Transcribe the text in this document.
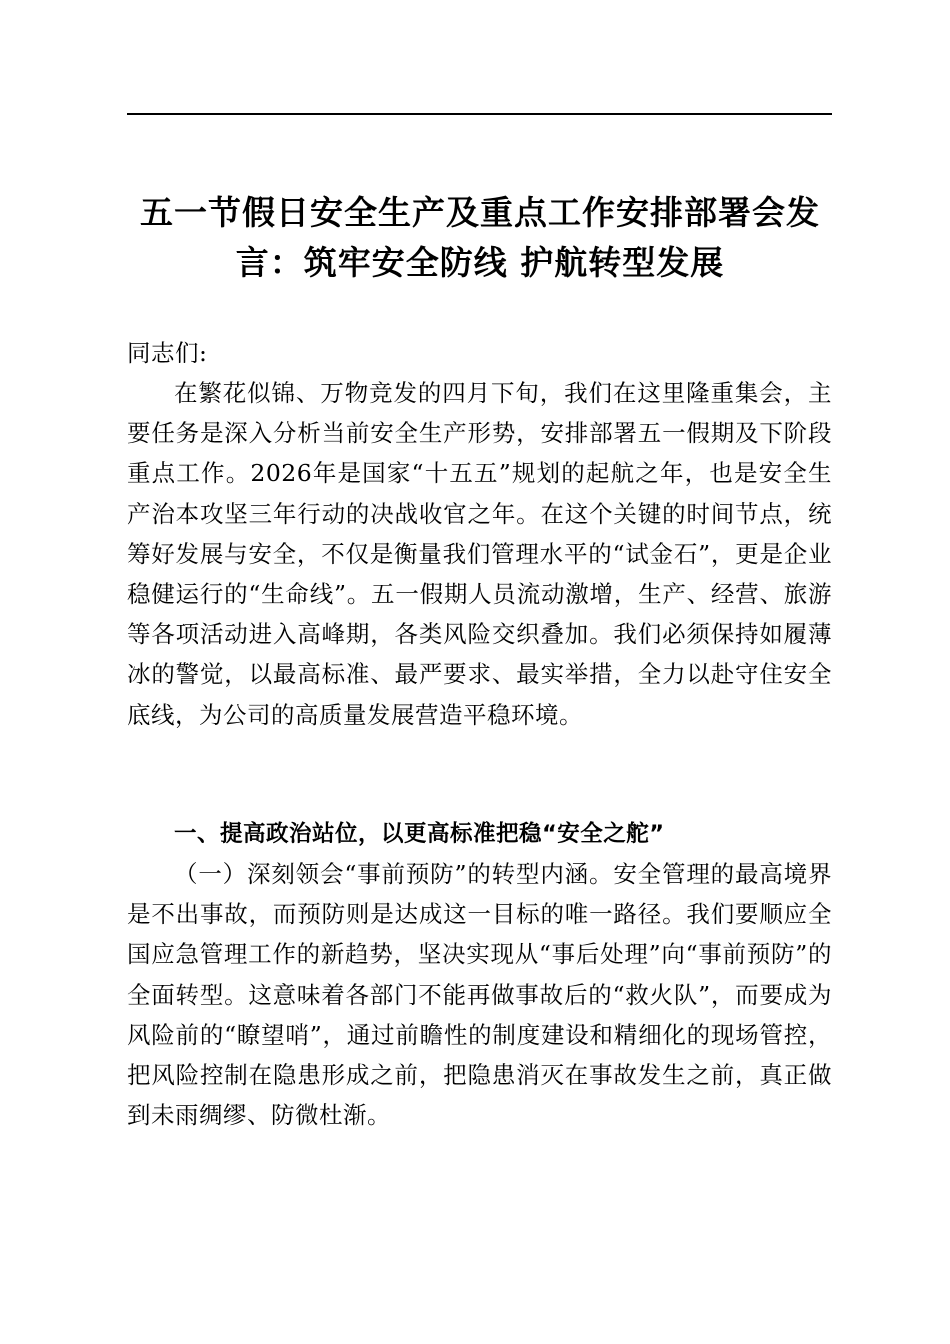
五一节假日安全生产及重点工作安排部署会发
言：筑牢安全防线 护航转型发展

同志们:

在繁花似锦、万物竞发的四月下旬，我们在这里隆重集会，主要任务是深入分析当前安全生产形势，安排部署五一假期及下阶段重点工作。2026年是国家“十五五”规划的起航之年，也是安全生产治本攻坚三年行动的决战收官之年。在这个关键的时间节点，统筹好发展与安全，不仅是衡量我们管理水平的“试金石”，更是企业稳健运行的“生命线”。五一假期人员流动激增，生产、经营、旅游等各项活动进入高峰期，各类风险交织叠加。我们必须保持如履薄冰的警觉，以最高标准、最严要求、最实举措，全力以赴守住安全底线，为公司的高质量发展营造平稳环境。

一、提高政治站位，以更高标准把稳“安全之舵”

（一）深刻领会“事前预防”的转型内涵。安全管理的最高境界是不出事故，而预防则是达成这一目标的唯一路径。我们要顺应全国应急管理工作的新趋势，坚决实现从“事后处理”向“事前预防”的全面转型。这意味着各部门不能再做事故后的“救火队”，而要成为风险前的“瞭望哨”，通过前瞻性的制度建设和精细化的现场管控，把风险控制在隐患形成之前，把隐患消灭在事故发生之前，真正做到未雨绸缪、防微杜渐。
